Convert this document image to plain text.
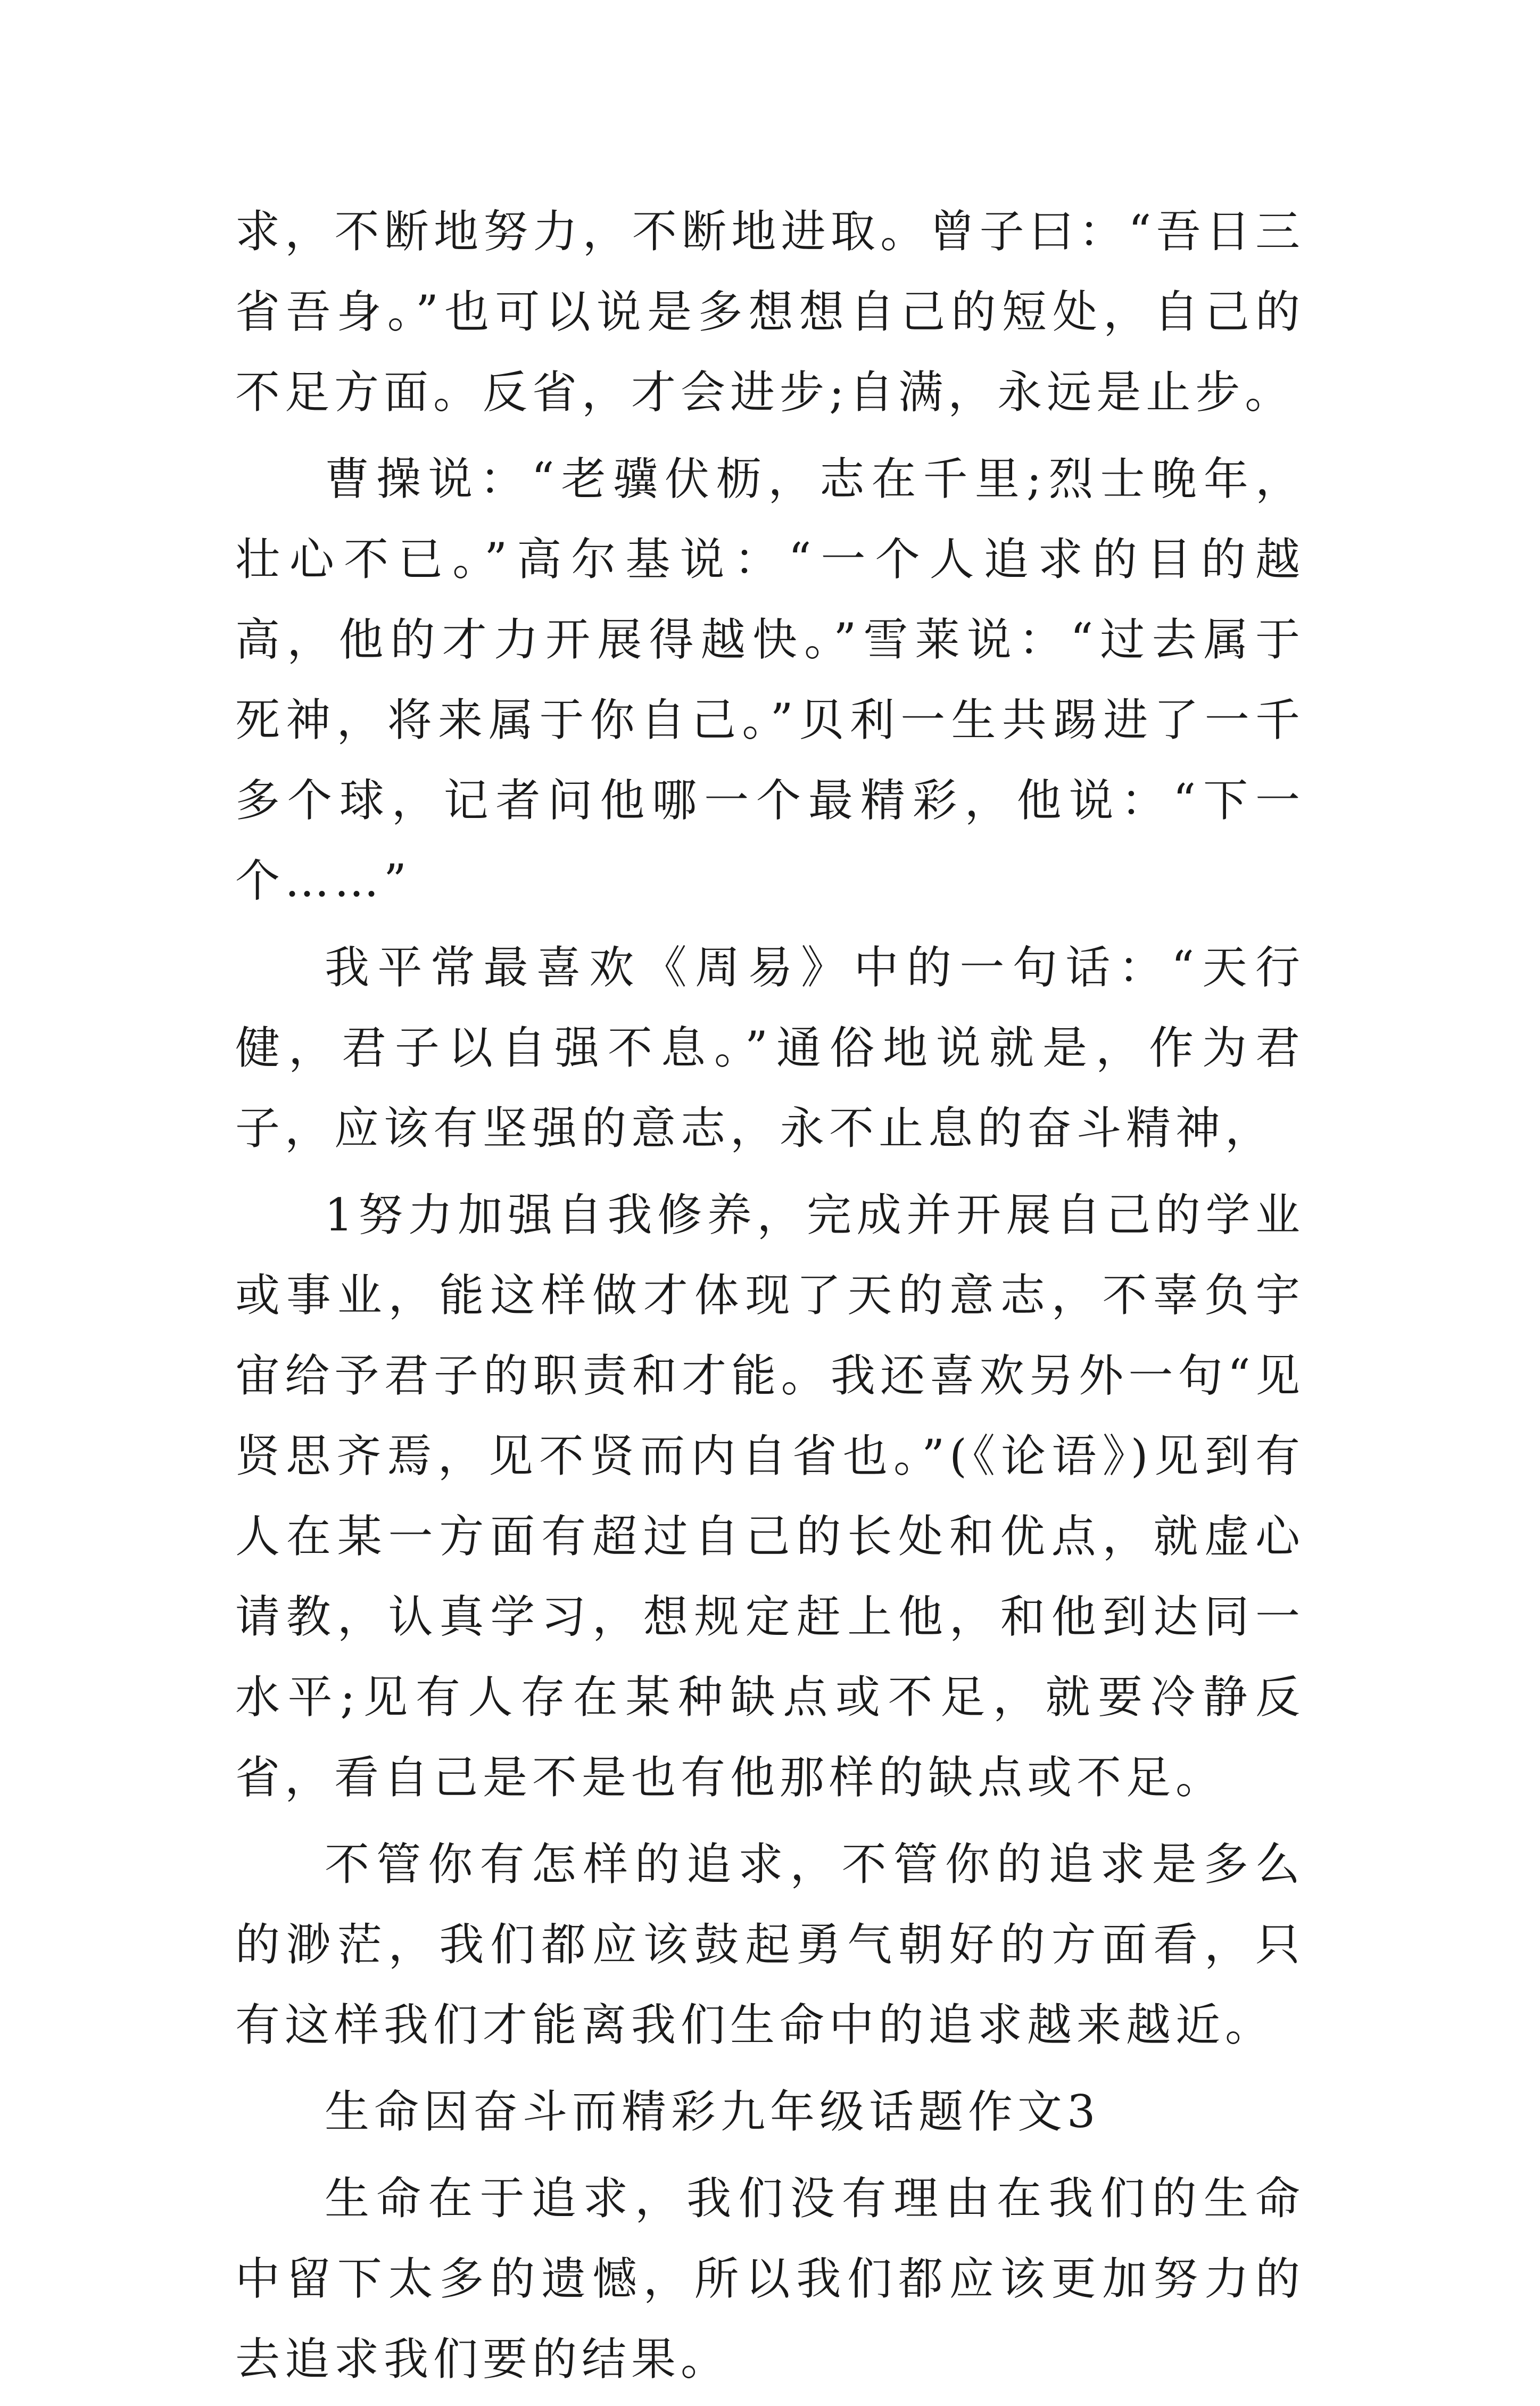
求，不断地努力，不断地进取。曾子曰：“吾日三省吾身。”也可以说是多想想自己的短处，自己的不足方面。反省，才会进步;自满，永远是止步。

曹操说：“老骥伏枥，志在千里;烈士晚年，壮心不已。”高尔基说：“一个人追求的目的越高，他的才力开展得越快。”雪莱说：“过去属于死神，将来属于你自己。”贝利一生共踢进了一千多个球，记者问他哪一个最精彩，他说：“下一个……”

我平常最喜欢《周易》中的一句话：“天行健，君子以自强不息。”通俗地说就是，作为君子，应该有坚强的意志，永不止息的奋斗精神，

1努力加强自我修养，完成并开展自己的学业或事业，能这样做才体现了天的意志，不辜负宇宙给予君子的职责和才能。我还喜欢另外一句“见贤思齐焉，见不贤而内自省也。”(《论语》)见到有人在某一方面有超过自己的长处和优点，就虚心请教，认真学习，想规定赶上他，和他到达同一水平;见有人存在某种缺点或不足，就要冷静反省，看自己是不是也有他那样的缺点或不足。

不管你有怎样的追求，不管你的追求是多么的渺茫，我们都应该鼓起勇气朝好的方面看，只有这样我们才能离我们生命中的追求越来越近。

生命因奋斗而精彩九年级话题作文3

生命在于追求，我们没有理由在我们的生命中留下太多的遗憾，所以我们都应该更加努力的去追求我们要的结果。
